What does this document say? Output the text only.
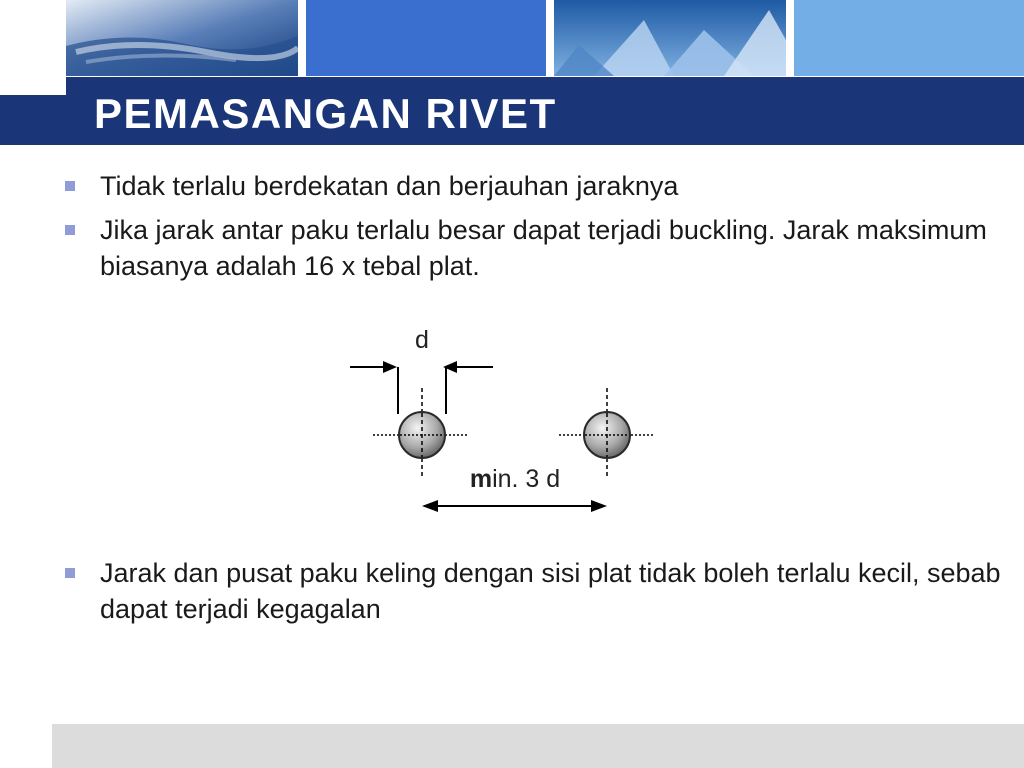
PEMASANGAN RIVET
Tidak terlalu berdekatan dan berjauhan jaraknya
Jika jarak antar paku terlalu besar dapat terjadi buckling. Jarak maksimum biasanya adalah 16 x tebal plat.
d
min. 3 d
Jarak dan pusat paku keling dengan sisi plat tidak boleh terlalu kecil, sebab dapat terjadi kegagalan
